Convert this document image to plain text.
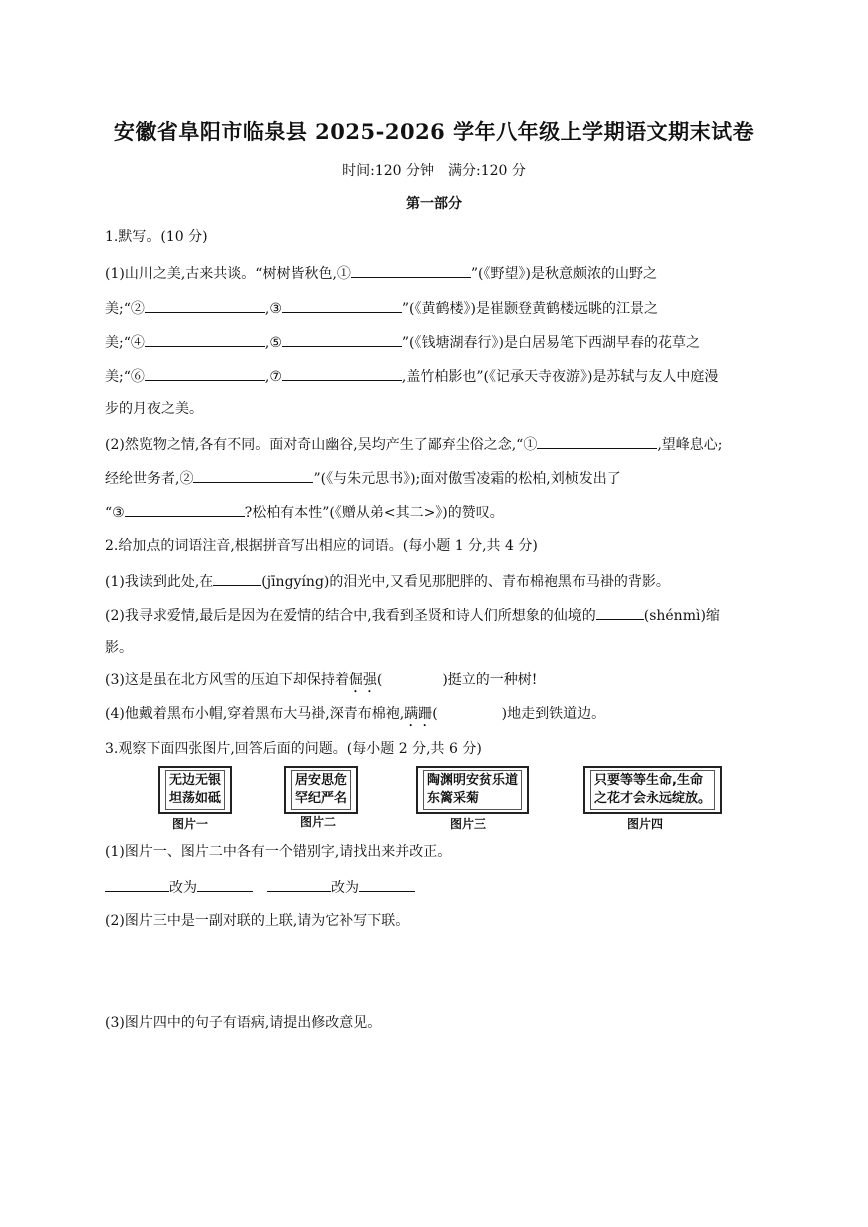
安徽省阜阳市临泉县 2025-2026 学年八年级上学期语文期末试卷
时间:120 分钟　满分:120 分
第一部分
1.默写。(10 分)
(1)山川之美,古来共谈。“树树皆秋色,①	”(《野望》)是秋意颇浓的山野之
美;“②	,③	”(《黄鹤楼》)是崔颢登黄鹤楼远眺的江景之
美;“④	,⑤	”(《钱塘湖春行》)是白居易笔下西湖早春的花草之
美;“⑥	,⑦	,盖竹柏影也”(《记承天寺夜游》)是苏轼与友人中庭漫
步的月夜之美。
(2)然览物之情,各有不同。面对奇山幽谷,吴均产生了鄙弃尘俗之念,“①	,望峰息心;
经纶世务者,②	”(《与朱元思书》);面对傲雪凌霜的松柏,刘桢发出了
“③	?松柏有本性”(《赠从弟<其二>》)的赞叹。
2.给加点的词语注音,根据拼音写出相应的词语。(每小题 1 分,共 4 分)
(1)我读到此处,在	(jīngyíng)的泪光中,又看见那肥胖的、青布棉袍黑布马褂的背影。
(2)我寻求爱情,最后是因为在爱情的结合中,我看到圣贤和诗人们所想象的仙境的	(shénmì)缩
影。
(3)这是虽在北方风雪的压迫下却保持着倔强(	)挺立的一种树!
(4)他戴着黑布小帽,穿着黑布大马褂,深青布棉袍,蹒跚(	)地走到铁道边。
3.观察下面四张图片,回答后面的问题。(每小题 2 分,共 6 分)
无边无银
坦荡如砥
图片一
居安思危
罕纪严名
图片二
陶渊明安贫乐道
东篱采菊
图片三
只要等等生命,生命
之花才会永远绽放。
图片四
(1)图片一、图片二中各有一个错别字,请找出来并改正。
改为	改为
(2)图片三中是一副对联的上联,请为它补写下联。
(3)图片四中的句子有语病,请提出修改意见。
